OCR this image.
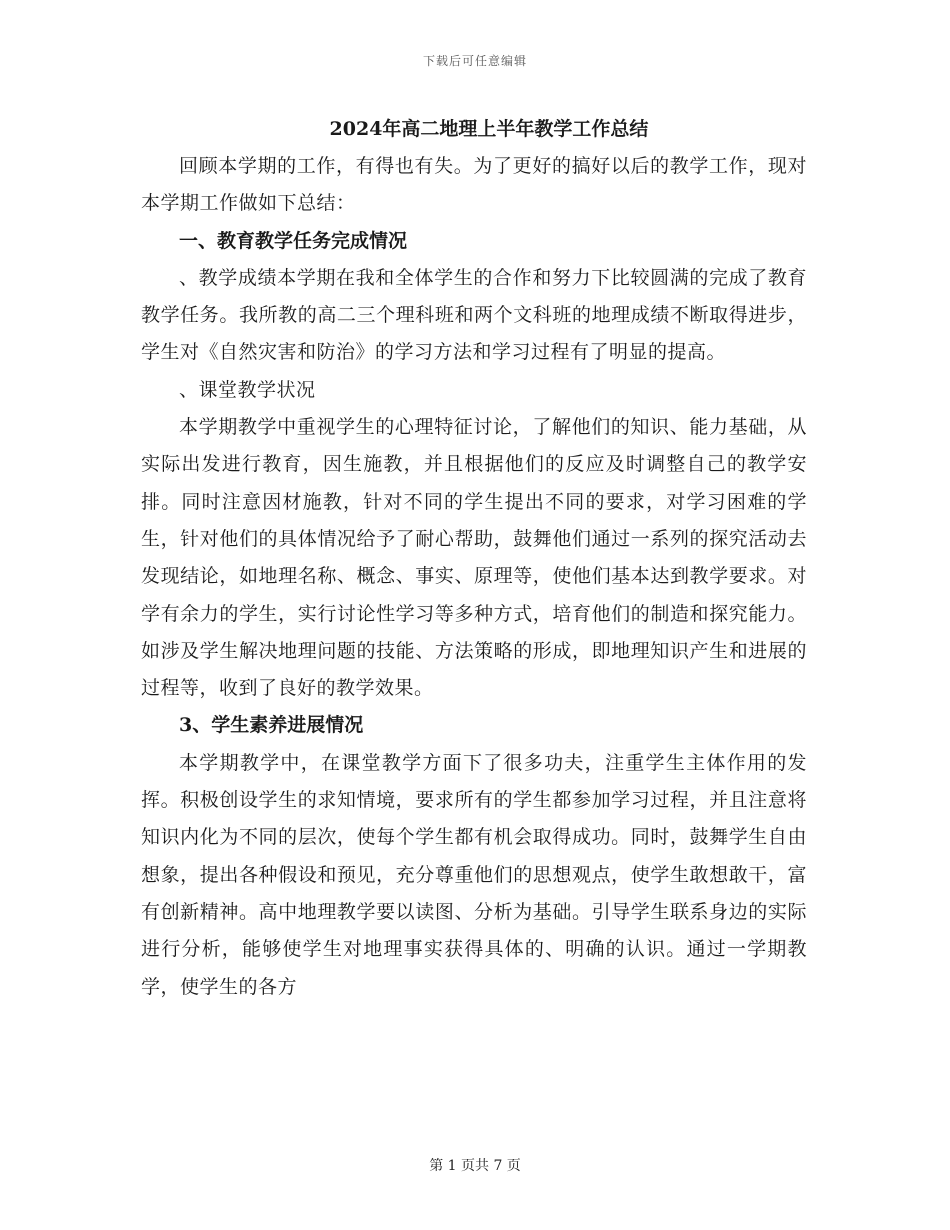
下载后可任意编辑
2024年高二地理上半年教学工作总结

回顾本学期的工作，有得也有失。为了更好的搞好以后的教学工作，现对本学期工作做如下总结：

一、教育教学任务完成情况

、教学成绩本学期在我和全体学生的合作和努力下比较圆满的完成了教育教学任务。我所教的高二三个理科班和两个文科班的地理成绩不断取得进步，学生对《自然灾害和防治》的学习方法和学习过程有了明显的提高。

、课堂教学状况

本学期教学中重视学生的心理特征讨论，了解他们的知识、能力基础，从实际出发进行教育，因生施教，并且根据他们的反应及时调整自己的教学安排。同时注意因材施教，针对不同的学生提出不同的要求，对学习困难的学生，针对他们的具体情况给予了耐心帮助，鼓舞他们通过一系列的探究活动去发现结论，如地理名称、概念、事实、原理等，使他们基本达到教学要求。对学有余力的学生，实行讨论性学习等多种方式，培育他们的制造和探究能力。如涉及学生解决地理问题的技能、方法策略的形成，即地理知识产生和进展的过程等，收到了良好的教学效果。

3、学生素养进展情况

本学期教学中，在课堂教学方面下了很多功夫，注重学生主体作用的发挥。积极创设学生的求知情境，要求所有的学生都参加学习过程，并且注意将知识内化为不同的层次，使每个学生都有机会取得成功。同时，鼓舞学生自由想象，提出各种假设和预见，充分尊重他们的思想观点，使学生敢想敢干，富有创新精神。高中地理教学要以读图、分析为基础。引导学生联系身边的实际进行分析，能够使学生对地理事实获得具体的、明确的认识。通过一学期教学，使学生的各方

第 1 页共 7 页
